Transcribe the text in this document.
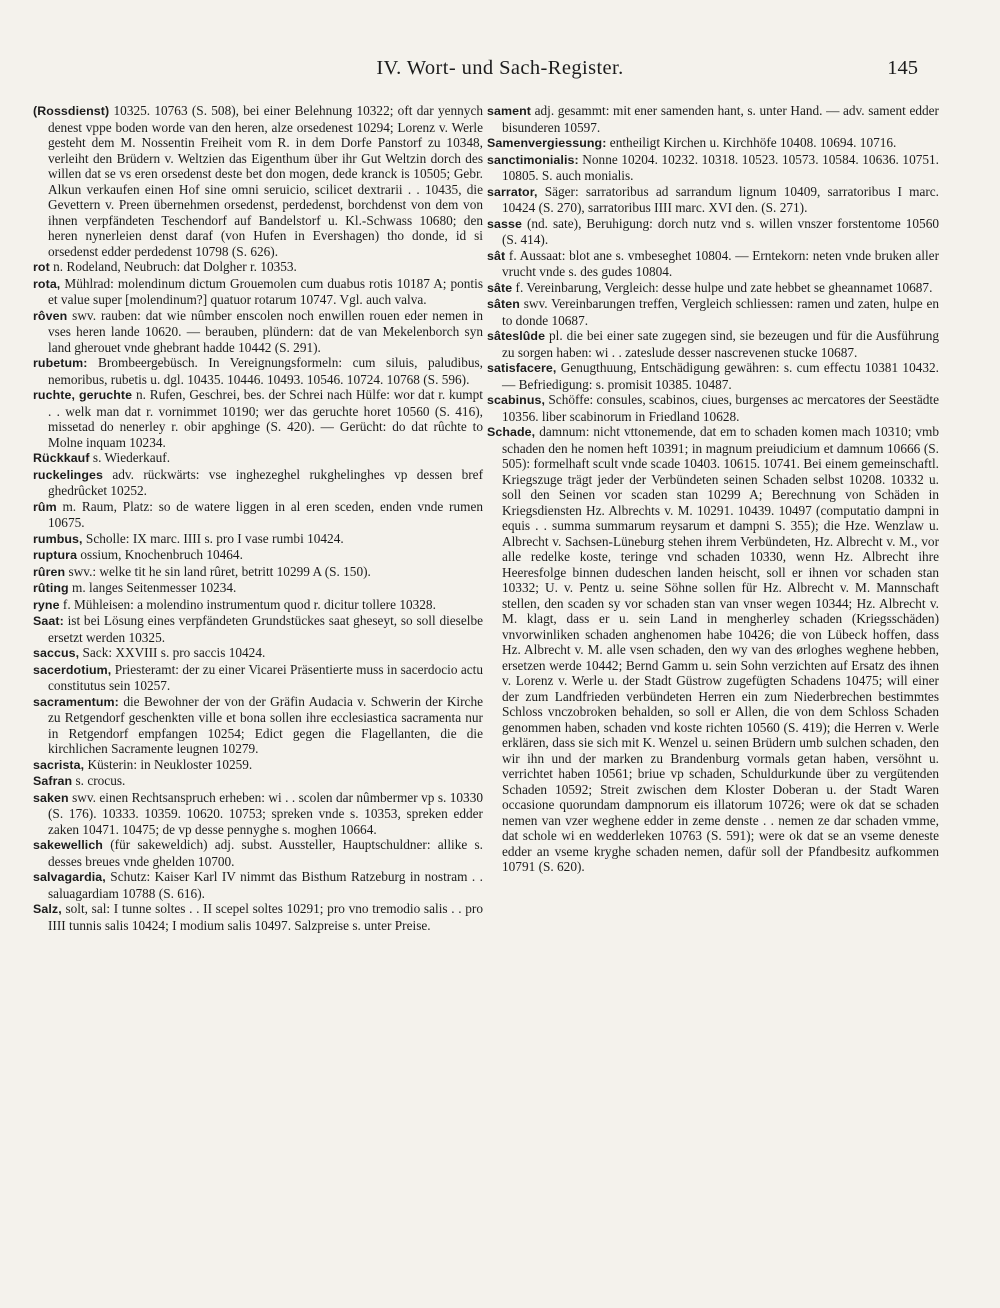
IV. Wort- und Sach-Register.	145

(Rossdienst) 10325. 10763 (S. 508), bei einer Belehnung 10322; oft dar yennych denest vppe boden worde van den heren, alze orsedenest 10294; Lorenz v. Werle gesteht dem M. Nossentin Freiheit vom R. in dem Dorfe Panstorf zu 10348, verleiht den Brüdern v. Weltzien das Eigenthum über ihr Gut Weltzin dorch des willen dat se vs eren orsedenst deste bet don mogen, dede kranck is 10505; Gebr. Alkun verkaufen einen Hof sine omni seruicio, scilicet dextrarii . . 10435, die Gevettern v. Preen übernehmen orsedenst, perdedenst, borchdenst von dem von ihnen verpfändeten Teschendorf auf Bandelstorf u. Kl.-Schwass 10680; den heren nynerleien denst daraf (von Hufen in Evershagen) tho donde, id si orsedenst edder perdedenst 10798 (S. 626).

rot n. Rodeland, Neubruch: dat Dolgher r. 10353.

rota, Mühlrad: molendinum dictum Grouemolen cum duabus rotis 10187 A; pontis et value super [molendinum?] quatuor rotarum 10747. Vgl. auch valva.

rôven swv. rauben: dat wie nûmber enscolen noch enwillen rouen eder nemen in vses heren lande 10620. — berauben, plündern: dat de van Mekelenborch syn land gherouet vnde ghebrant hadde 10442 (S. 291).

rubetum: Brombeergebüsch. In Vereignungsformeln: cum siluis, paludibus, nemoribus, rubetis u. dgl. 10435. 10446. 10493. 10546. 10724. 10768 (S. 596).

ruchte, geruchte n. Rufen, Geschrei, bes. der Schrei nach Hülfe: wor dat r. kumpt . . welk man dat r. vornimmet 10190; wer das geruchte horet 10560 (S. 416), missetad do nenerley r. obir apghinge (S. 420). — Gerücht: do dat rûchte to Molne inquam 10234.

Rückkauf s. Wiederkauf.

ruckelinges adv. rückwärts: vse inghezeghel rukghelinghes vp dessen bref ghedrûcket 10252.

rûm m. Raum, Platz: so de watere liggen in al eren sceden, enden vnde rumen 10675.

rumbus, Scholle: IX marc. IIII s. pro I vase rumbi 10424.

ruptura ossium, Knochenbruch 10464.

rûren swv.: welke tit he sin land rûret, betritt 10299 A (S. 150).

rûting m. langes Seitenmesser 10234.

ryne f. Mühleisen: a molendino instrumentum quod r. dicitur tollere 10328.

Saat: ist bei Lösung eines verpfändeten Grundstückes saat gheseyt, so soll dieselbe ersetzt werden 10325.

saccus, Sack: XXVIII s. pro saccis 10424.

sacerdotium, Priesteramt: der zu einer Vicarei Präsentierte muss in sacerdocio actu constitutus sein 10257.

sacramentum: die Bewohner der von der Gräfin Audacia v. Schwerin der Kirche zu Retgendorf geschenkten ville et bona sollen ihre ecclesiastica sacramenta nur in Retgendorf empfangen 10254; Edict gegen die Flagellanten, die die kirchlichen Sacramente leugnen 10279.

sacrista, Küsterin: in Neukloster 10259.

Safran s. crocus.

saken swv. einen Rechtsanspruch erheben: wi . . scolen dar nûmbermer vp s. 10330 (S. 176). 10333. 10359. 10620. 10753; spreken vnde s. 10353, spreken edder zaken 10471. 10475; de vp desse pennyghe s. moghen 10664.

sakewellich (für sakeweldich) adj. subst. Aussteller, Hauptschuldner: allike s. desses breues vnde ghelden 10700.

salvagardia, Schutz: Kaiser Karl IV nimmt das Bisthum Ratzeburg in nostram . . saluagardiam 10788 (S. 616).

Salz, solt, sal: I tunne soltes . . II scepel soltes 10291; pro vno tremodio salis . . pro IIII tunnis salis 10424; I modium salis 10497. Salzpreise s. unter Preise.

sament adj. gesammt: mit ener samenden hant, s. unter Hand. — adv. sament edder bisunderen 10597.

Samenvergiessung: entheiligt Kirchen u. Kirchhöfe 10408. 10694. 10716.

sanctimonialis: Nonne 10204. 10232. 10318. 10523. 10573. 10584. 10636. 10751. 10805. S. auch monialis.

sarrator, Säger: sarratoribus ad sarrandum lignum 10409, sarratoribus I marc. 10424 (S. 270), sarratoribus IIII marc. XVI den. (S. 271).

sasse (nd. sate), Beruhigung: dorch nutz vnd s. willen vnszer forstentome 10560 (S. 414).

sât f. Aussaat: blot ane s. vmbeseghet 10804. — Erntekorn: neten vnde bruken aller vrucht vnde s. des gudes 10804.

sâte f. Vereinbarung, Vergleich: desse hulpe und zate hebbet se gheannamet 10687.

sâten swv. Vereinbarungen treffen, Vergleich schliessen: ramen und zaten, hulpe en to donde 10687.

sâteslûde pl. die bei einer sate zugegen sind, sie bezeugen und für die Ausführung zu sorgen haben: wi . . zateslude desser nascrevenen stucke 10687.

satisfacere, Genugthuung, Entschädigung gewähren: s. cum effectu 10381 10432. — Befriedigung: s. promisit 10385. 10487.

scabinus, Schöffe: consules, scabinos, ciues, burgenses ac mercatores der Seestädte 10356. liber scabinorum in Friedland 10628.

Schade, damnum: nicht vttonemende, dat em to schaden komen mach 10310; vmb schaden den he nomen heft 10391; in magnum preiudicium et damnum 10666 (S. 505): formelhaft scult vnde scade 10403. 10615. 10741. Bei einem gemeinschaftl. Kriegszuge trägt jeder der Verbündeten seinen Schaden selbst 10208. 10332 u. soll den Seinen vor scaden stan 10299 A; Berechnung von Schäden in Kriegsdiensten Hz. Albrechts v. M. 10291. 10439. 10497 (computatio dampni in equis . . summa summarum reysarum et dampni S. 355); die Hze. Wenzlaw u. Albrecht v. Sachsen-Lüneburg stehen ihrem Verbündeten, Hz. Albrecht v. M., vor alle redelke koste, teringe vnd schaden 10330, wenn Hz. Albrecht ihre Heeresfolge binnen dudeschen landen heischt, soll er ihnen vor schaden stan 10332; U. v. Pentz u. seine Söhne sollen für Hz. Albrecht v. M. Mannschaft stellen, den scaden sy vor schaden stan van vnser wegen 10344; Hz. Albrecht v. M. klagt, dass er u. sein Land in mengherley schaden (Kriegsschäden) vnvorwinliken schaden anghenomen habe 10426; die von Lübeck hoffen, dass Hz. Albrecht v. M. alle vsen schaden, den wy van des ørloghes weghene hebben, ersetzen werde 10442; Bernd Gamm u. sein Sohn verzichten auf Ersatz des ihnen v. Lorenz v. Werle u. der Stadt Güstrow zugefügten Schadens 10475; will einer der zum Landfrieden verbündeten Herren ein zum Niederbrechen bestimmtes Schloss vnczobroken behalden, so soll er Allen, die von dem Schloss Schaden genommen haben, schaden vnd koste richten 10560 (S. 419); die Herren v. Werle erklären, dass sie sich mit K. Wenzel u. seinen Brüdern umb sulchen schaden, den wir ihn und der marken zu Brandenburg vormals getan haben, versöhnt u. verrichtet haben 10561; briue vp schaden, Schuldurkunde über zu vergütenden Schaden 10592; Streit zwischen dem Kloster Doberan u. der Stadt Waren occasione quorundam dampnorum eis illatorum 10726; were ok dat se schaden nemen van vzer weghene edder in zeme denste . . nemen ze dar schaden vmme, dat schole wi en wedderleken 10763 (S. 591); were ok dat se an vseme deneste edder an vseme kryghe schaden nemen, dafür soll der Pfandbesitz aufkommen 10791 (S. 620).
